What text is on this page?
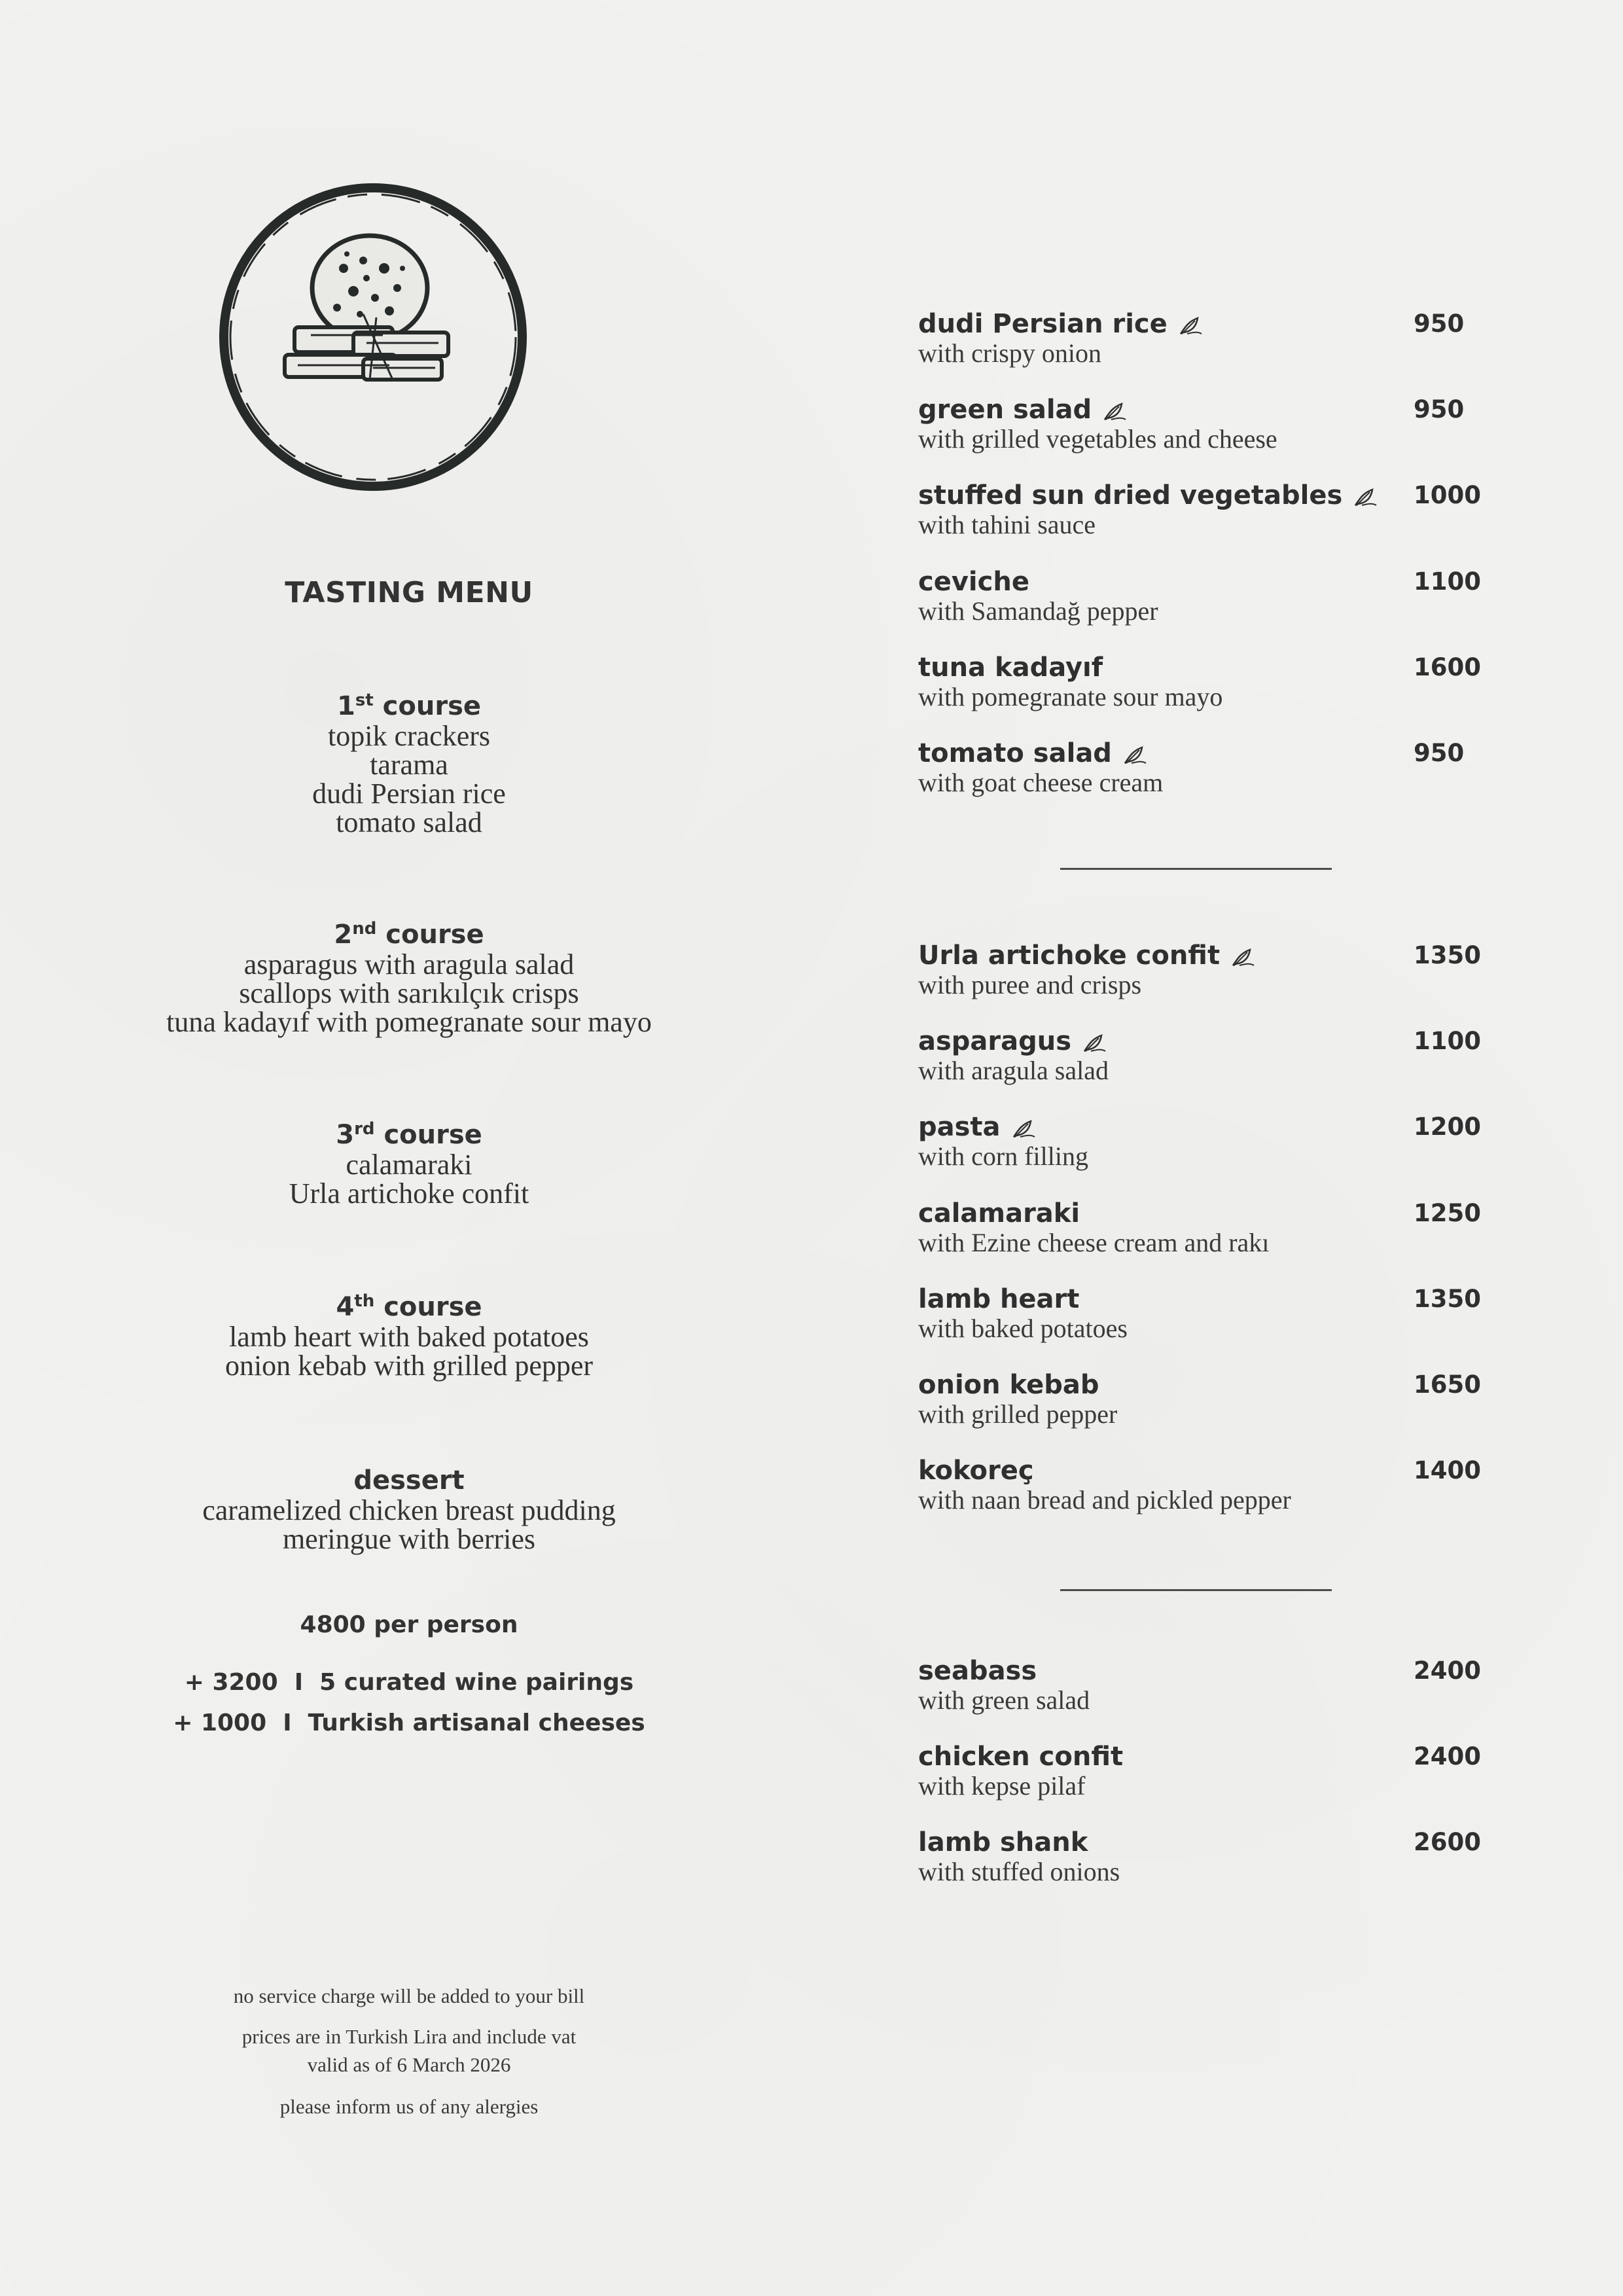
TASTING MENU
1st course
topik crackers
tarama
dudi Persian rice
tomato salad
2nd course
asparagus with aragula salad
scallops with sarıkılçık crisps
tuna kadayıf with pomegranate sour mayo
3rd course
calamaraki
Urla artichoke confit
4th course
lamb heart with baked potatoes
onion kebab with grilled pepper
dessert
caramelized chicken breast pudding
meringue with berries
4800 per person
+ 3200  I  5 curated wine pairings
+ 1000  I  Turkish artisanal cheeses
no service charge will be added to your bill
prices are in Turkish Lira and include vat
valid as of 6 March 2026
please inform us of any alergies
dudi Persian rice
with crispy onion
950
green salad
with grilled vegetables and cheese
950
stuffed sun dried vegetables
with tahini sauce
1000
ceviche
with Samandağ pepper
1100
tuna kadayıf
with pomegranate sour mayo
1600
tomato salad
with goat cheese cream
950
Urla artichoke confit
with puree and crisps
1350
asparagus
with aragula salad
1100
pasta
with corn filling
1200
calamaraki
with Ezine cheese cream and rakı
1250
lamb heart
with baked potatoes
1350
onion kebab
with grilled pepper
1650
kokoreç
with naan bread and pickled pepper
1400
seabass
with green salad
2400
chicken confit
with kepse pilaf
2400
lamb shank
with stuffed onions
2600
